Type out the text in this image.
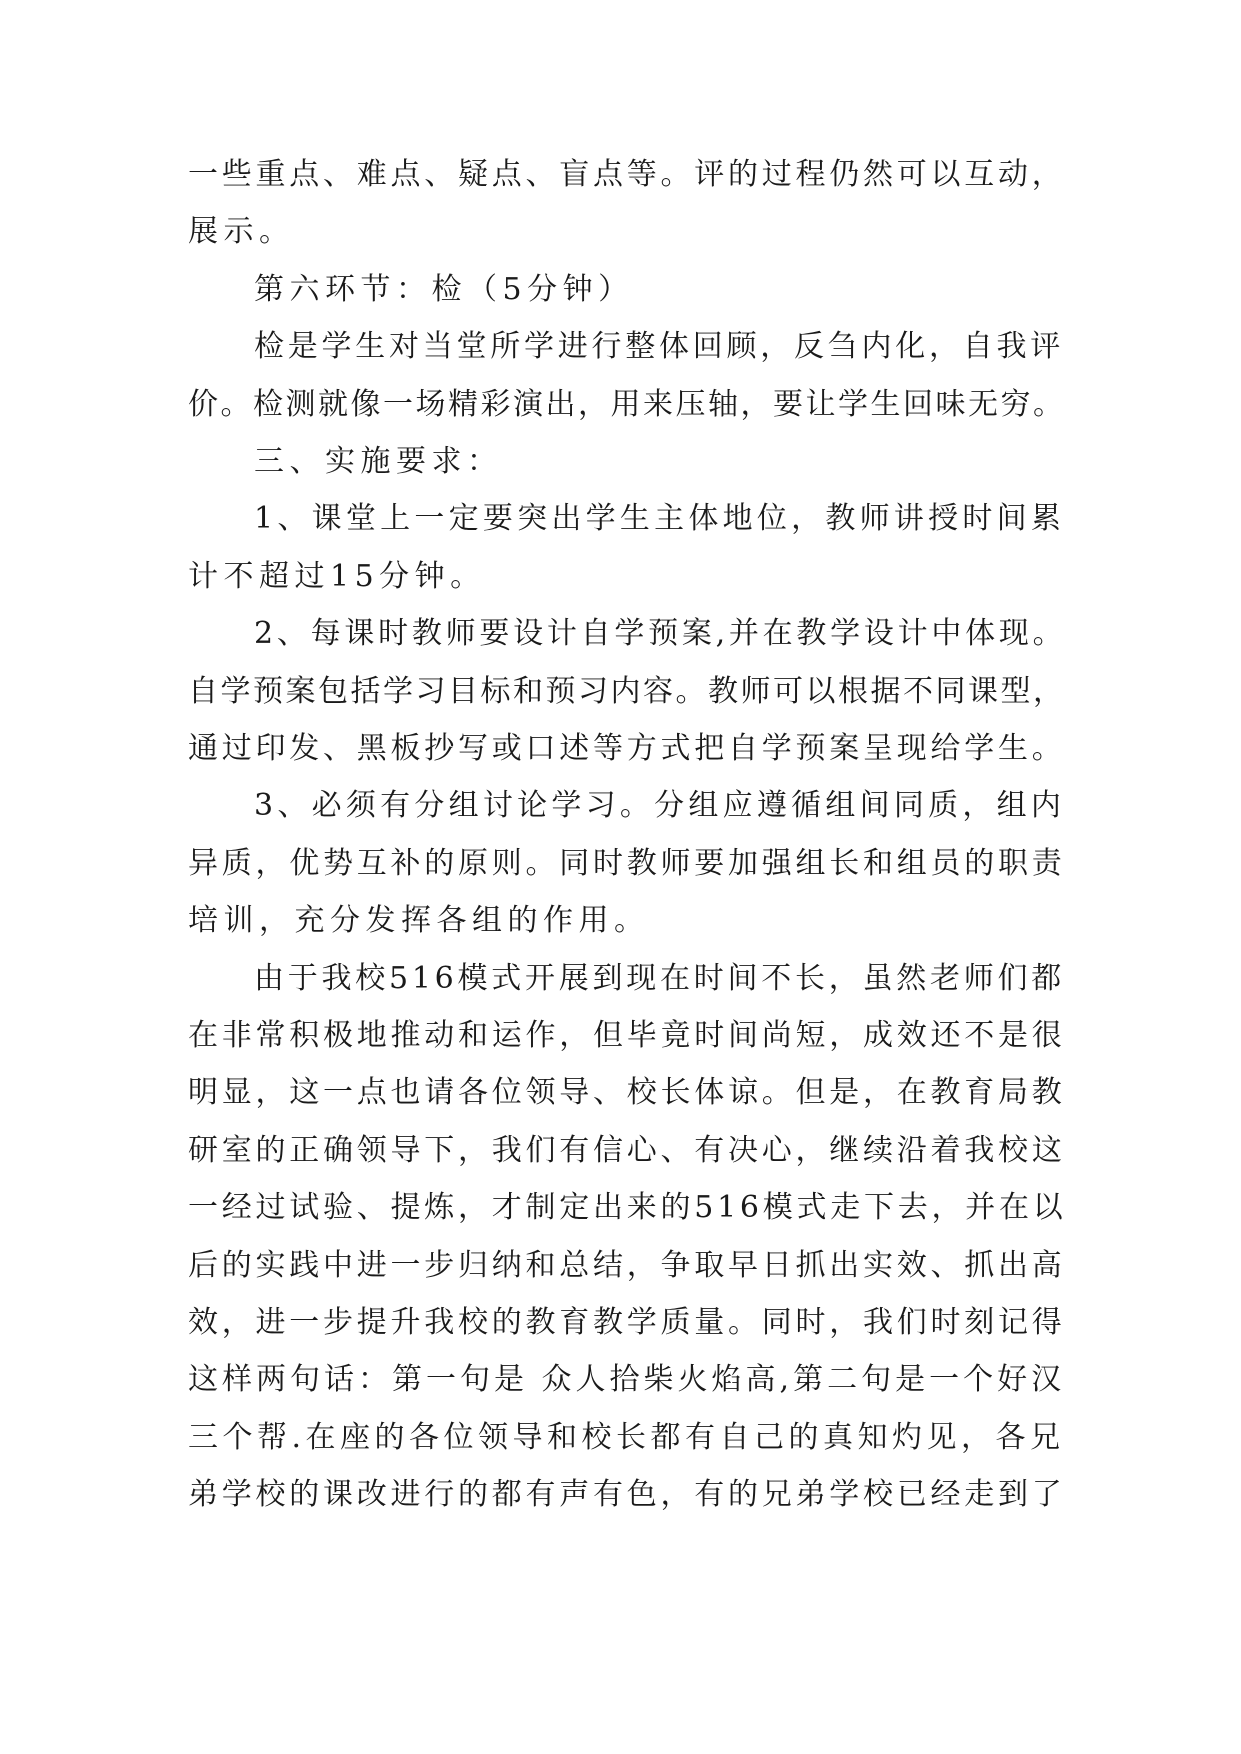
一些重点、难点、疑点、盲点等。评的过程仍然可以互动，

展示。

第六环节：检（5分钟）

检是学生对当堂所学进行整体回顾，反刍内化，自我评

价。检测就像一场精彩演出，用来压轴，要让学生回味无穷。

三、实施要求：

1、课堂上一定要突出学生主体地位，教师讲授时间累

计不超过15分钟。

2、每课时教师要设计自学预案,并在教学设计中体现。

自学预案包括学习目标和预习内容。教师可以根据不同课型，

通过印发、黑板抄写或口述等方式把自学预案呈现给学生。

3、必须有分组讨论学习。分组应遵循组间同质，组内

异质，优势互补的原则。同时教师要加强组长和组员的职责

培训，充分发挥各组的作用。

由于我校516模式开展到现在时间不长，虽然老师们都

在非常积极地推动和运作，但毕竟时间尚短，成效还不是很

明显，这一点也请各位领导、校长体谅。但是，在教育局教

研室的正确领导下，我们有信心、有决心，继续沿着我校这

一经过试验、提炼，才制定出来的516模式走下去，并在以

后的实践中进一步归纳和总结，争取早日抓出实效、抓出高

效，进一步提升我校的教育教学质量。同时，我们时刻记得

这样两句话：第一句是 众人拾柴火焰高,第二句是一个好汉

三个帮.在座的各位领导和校长都有自己的真知灼见，各兄

弟学校的课改进行的都有声有色，有的兄弟学校已经走到了
